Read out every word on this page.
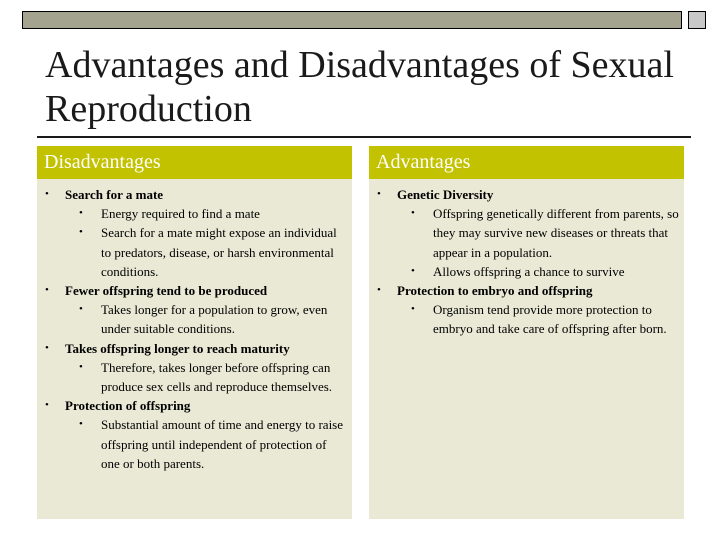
Advantages and Disadvantages of Sexual Reproduction
Disadvantages
• Search for a mate
• Energy required to find a mate
• Search for a mate might expose an individual to predators, disease, or harsh environmental conditions.
• Fewer offspring tend to be produced
• Takes longer for a population to grow, even under suitable conditions.
• Takes offspring longer to reach maturity
• Therefore, takes longer before offspring can produce sex cells and reproduce themselves.
• Protection of offspring
• Substantial amount of time and energy to raise offspring until independent of protection of one or both parents.
Advantages
• Genetic Diversity
• Offspring genetically different from parents, so they may survive new diseases or threats that appear in a population.
• Allows offspring a chance to survive
• Protection to embryo and offspring
• Organism tend provide more protection to embryo and take care of offspring after born.
